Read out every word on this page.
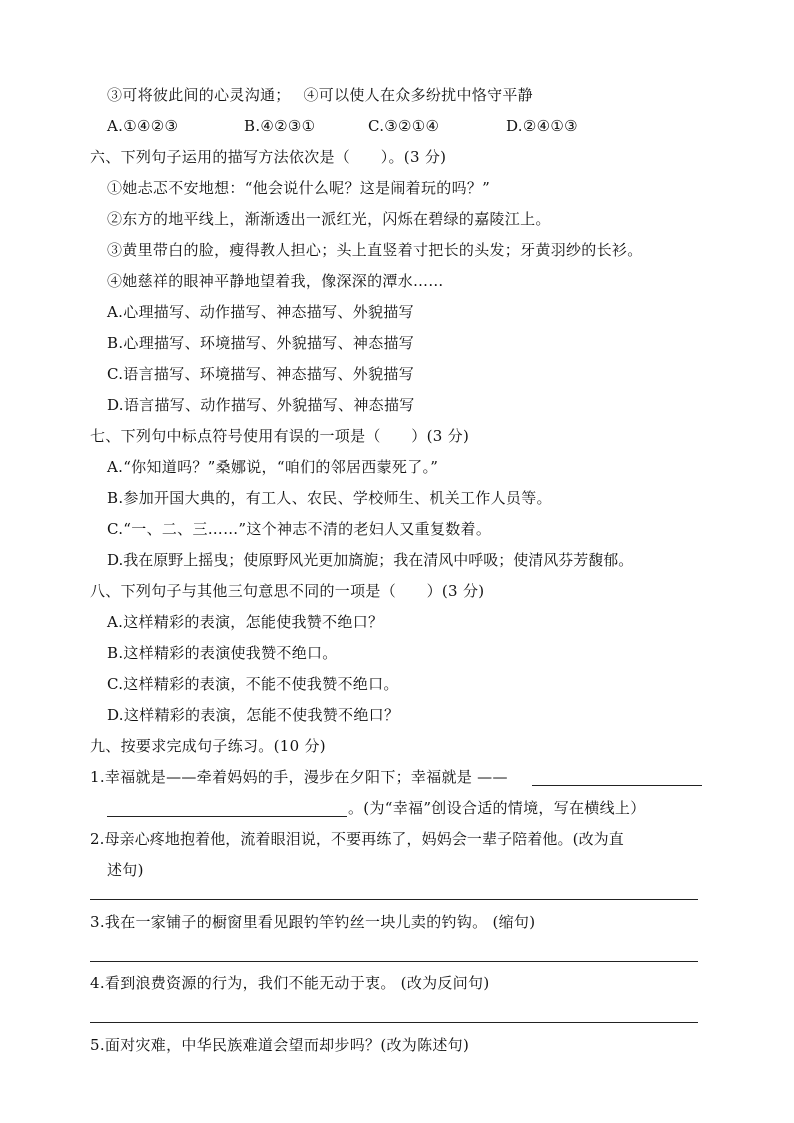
③可将彼此间的心灵沟通；　 ④可以使人在众多纷扰中恪守平静
A.①④②③	B.④②③①	C.③②①④	D.②④①③
六、下列句子运用的描写方法依次是（　　）。(3 分)
①她忐忑不安地想：“他会说什么呢？这是闹着玩的吗？”
②东方的地平线上，渐渐透出一派红光，闪烁在碧绿的嘉陵江上。
③黄里带白的脸，瘦得教人担心；头上直竖着寸把长的头发；牙黄羽纱的长衫。
④她慈祥的眼神平静地望着我，像深深的潭水……
A.心理描写、动作描写、神态描写、外貌描写
B.心理描写、环境描写、外貌描写、神态描写
C.语言描写、环境描写、神态描写、外貌描写
D.语言描写、动作描写、外貌描写、神态描写
七、下列句中标点符号使用有误的一项是（　　）(3 分)
A.“你知道吗？”桑娜说，“咱们的邻居西蒙死了。”
B.参加开国大典的，有工人、农民、学校师生、机关工作人员等。
C.“一、二、三……”这个神志不清的老妇人又重复数着。
D.我在原野上摇曳；使原野风光更加旖旎；我在清风中呼吸；使清风芬芳馥郁。
八、下列句子与其他三句意思不同的一项是（　　）(3 分)
A.这样精彩的表演，怎能使我赞不绝口？
B.这样精彩的表演使我赞不绝口。
C.这样精彩的表演，不能不使我赞不绝口。
D.这样精彩的表演，怎能不使我赞不绝口？
九、按要求完成句子练习。(10 分)
1.幸福就是——牵着妈妈的手，漫步在夕阳下；幸福就是 ——
。(为“幸福”创设合适的情境，写在横线上）
2.母亲心疼地抱着他，流着眼泪说，不要再练了，妈妈会一辈子陪着他。(改为直
述句)
3.我在一家铺子的橱窗里看见跟钓竿钓丝一块儿卖的钓钩。 (缩句)
4.看到浪费资源的行为，我们不能无动于衷。 (改为反问句)
5.面对灾难，中华民族难道会望而却步吗？(改为陈述句)
